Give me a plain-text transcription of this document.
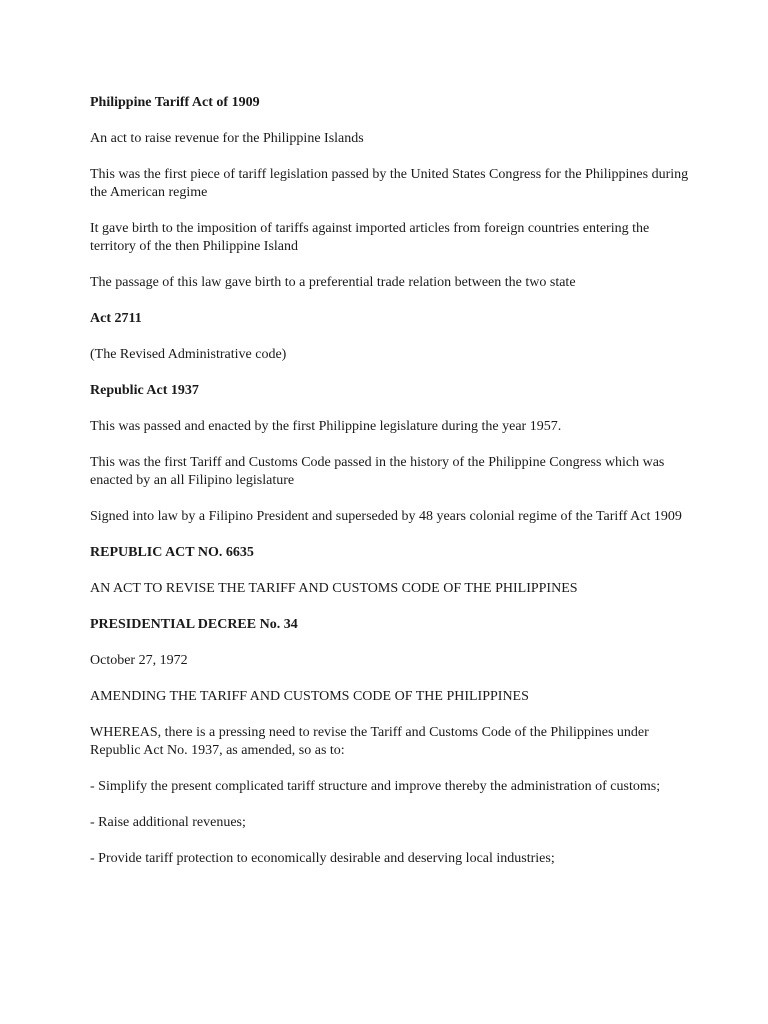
Philippine Tariff Act of 1909
An act to raise revenue for the Philippine Islands
This was the first piece of tariff legislation passed by the United States Congress for the Philippines during the American regime
It gave birth to the imposition of tariffs against imported articles from foreign countries entering the territory of the then Philippine Island
The passage of this law gave birth to a preferential trade relation between the two state
Act 2711
(The Revised Administrative code)
Republic Act 1937
This was passed and enacted by the first Philippine legislature during the year 1957.
This was the first Tariff and Customs Code passed in the history of the Philippine Congress which was enacted by an all Filipino legislature
Signed into law by a Filipino President and superseded by 48 years colonial regime of the Tariff Act 1909
REPUBLIC ACT NO. 6635
AN ACT TO REVISE THE TARIFF AND CUSTOMS CODE OF THE PHILIPPINES
PRESIDENTIAL DECREE No. 34
October 27, 1972
AMENDING THE TARIFF AND CUSTOMS CODE OF THE PHILIPPINES
WHEREAS, there is a pressing need to revise the Tariff and Customs Code of the Philippines under Republic Act No. 1937, as amended, so as to:
- Simplify the present complicated tariff structure and improve thereby the administration of customs;
- Raise additional revenues;
- Provide tariff protection to economically desirable and deserving local industries;
